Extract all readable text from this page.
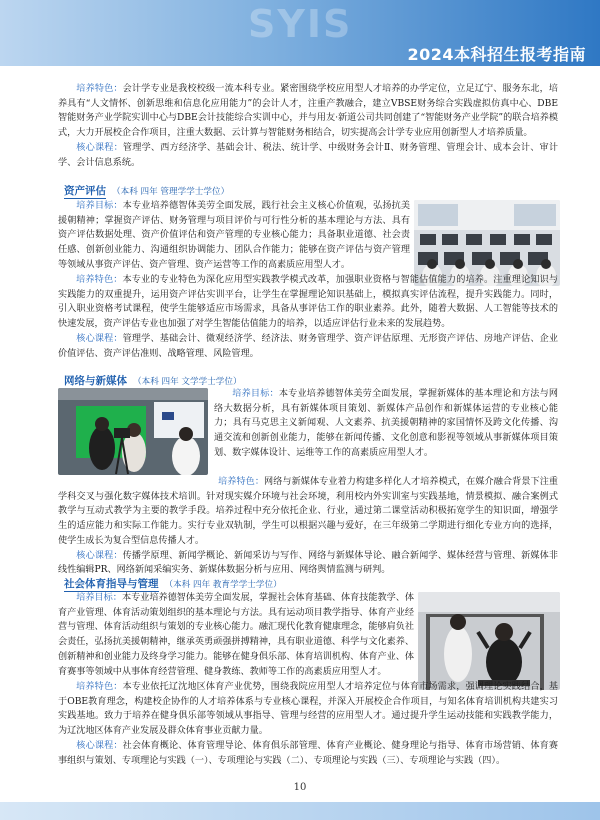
SYIS
2024本科招生报考指南

培养特色：会计学专业是我校校级一流本科专业。紧密围绕学校应用型人才培养的办学定位，立足辽宁、服务东北，培养具有“人文情怀、创新思维和信息化应用能力”的会计人才，注重产教融合，建立VBSE财务综合实践虚拟仿真中心、DBE智能财务产业学院实训中心与DBE会计技能综合实训中心，并与用友·新道公司共同创建了“智能财务产业学院”的联合培养模式，大力开展校企合作项目，注重大数据、云计算与智能财务相结合，切实提高会计学专业应用创新型人才培养质量。

核心课程：管理学、西方经济学、基础会计、税法、统计学、中级财务会计Ⅱ、财务管理、管理会计、成本会计、审计学、会计信息系统。

资产评估 （本科 四年 管理学学士学位）

培养目标：本专业培养德智体美劳全面发展，践行社会主义核心价值观，弘扬抗美援朝精神；掌握资产评估、财务管理与项目评价与可行性分析的基本理论与方法、具有资产评估数据处理、资产价值评估和资产管理的专业核心能力；具备职业道德、社会责任感、创新创业能力、沟通组织协调能力、团队合作能力；能够在资产评估与资产管理等领域从事资产评估、资产管理、资产运营等工作的高素质应用型人才。

培养特色：本专业的专业特色为深化应用型实践教学模式改革，加强职业资格与智能估值能力的培养。注重理论知识与实践能力的双重提升，运用资产评估实训平台，让学生在掌握理论知识基础上，模拟真实评估流程，提升实践能力。同时，引入职业资格考试课程，使学生能够适应市场需求，具备从事评估工作的职业素养。此外，随着大数据、人工智能等技术的快速发展，资产评估专业也加强了对学生智能估值能力的培养，以适应评估行业未来的发展趋势。

核心课程：管理学、基础会计、微观经济学、经济法、财务管理学、资产评估原理、无形资产评估、房地产评估、企业价值评估、资产评估准则、战略管理、风险管理。

网络与新媒体 （本科 四年 文学学士学位）

培养目标：本专业培养德智体美劳全面发展，掌握新媒体的基本理论和方法与网络大数据分析，具有新媒体项目策划、新媒体产品创作和新媒体运营的专业核心能力；具有马克思主义新闻观、人文素养、抗美援朝精神的家国情怀及跨文化传播、沟通交流和创新创业能力，能够在新闻传播、文化创意和影视等领域从事新媒体项目策划、数字媒体设计、运维等工作的高素质应用型人才。

培养特色：网络与新媒体专业着力构建多样化人才培养模式，在媒介融合背景下注重学科交叉与强化数字媒体技术培训。针对现实媒介环境与社会环境，利用校内外实训室与实践基地，情景模拟、融合案例式教学与互动式教学为主要的教学手段。培养过程中充分依托企业、行业，通过第二课堂活动积极拓宽学生的知识面，增强学生的适应能力和实际工作能力。实行专业双轨制，学生可以根据兴趣与爱好，在三年级第二学期进行细化专业方向的选择，使学生成长为复合型信息传播人才。

核心课程：传播学原理、新闻学概论、新闻采访与写作、网络与新媒体导论、融合新闻学、媒体经营与管理、新媒体非线性编辑PR、网络新闻采编实务、新媒体数据分析与应用、网络舆情监测与研判。

社会体育指导与管理 （本科 四年 教育学学士学位）

培养目标：本专业培养德智体美劳全面发展，掌握社会体育基础、体育技能教学、体育产业管理、体育活动策划组织的基本理论与方法。具有运动项目教学指导、体育产业经营与管理、体育活动组织与策划的专业核心能力。融汇现代化教育健康理念，能够肩负社会责任，弘扬抗美援朝精神，继承英勇顽强拼搏精神，具有职业道德、科学与文化素养、创新精神和创业能力及终身学习能力。能够在健身俱乐部、体育培训机构、体育产业、体育赛事等领域中从事体育经营管理、健身教练、教师等工作的高素质应用型人才。

培养特色：本专业依托辽沈地区体育产业优势，围绕我院应用型人才培养定位与体育市场需求，强调理论实践结合，基于OBE教育理念，构建校企协作的人才培养体系与专业核心课程，并深入开展校企合作项目，与知名体育培训机构共建实习实践基地。致力于培养在健身俱乐部等领域从事指导、管理与经营的应用型人才。通过提升学生运动技能和实践教学能力，为辽沈地区体育产业发展及群众体育事业贡献力量。

核心课程：社会体育概论、体育管理导论、体育俱乐部管理、体育产业概论、健身理论与指导、体育市场营销、体育赛事组织与策划、专项理论与实践（一）、专项理论与实践（二）、专项理论与实践（三）、专项理论与实践（四）。

10
